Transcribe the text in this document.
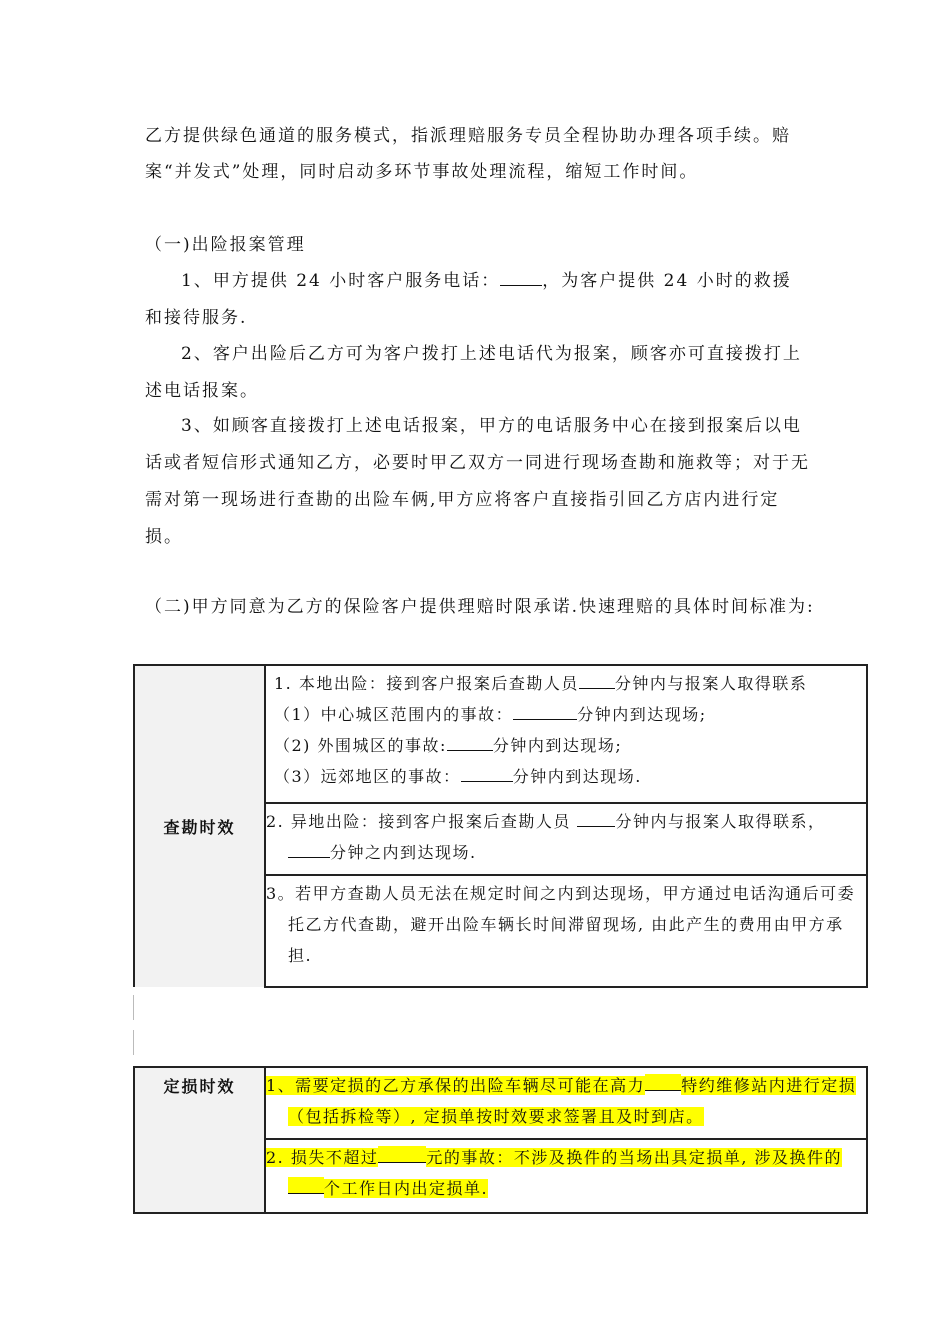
乙方提供绿色通道的服务模式，指派理赔服务专员全程协助办理各项手续。赔
案“并发式”处理，同时启动多环节事故处理流程，缩短工作时间。

（一)出险报案管理

1、甲方提供 24 小时客户服务电话： ，为客户提供 24 小时的救援和接待服务.

2、客户出险后乙方可为客户拨打上述电话代为报案，顾客亦可直接拨打上述电话报案。

3、如顾客直接拨打上述电话报案，甲方的电话服务中心在接到报案后以电话或者短信形式通知乙方，必要时甲乙双方一同进行现场查勘和施救等；对于无需对第一现场进行查勘的出险车俩,甲方应将客户直接指引回乙方店内进行定损。

（二)甲方同意为乙方的保险客户提供理赔时限承诺.快速理赔的具体时间标准为:

查勘时效	
1. 本地出险：接到客户报案后查勘人员 分钟内与报案人取得联系
（1）中心城区范围内的事故：	分钟内到达现场;
（2) 外围城区的事故:	分钟内到达现场;
（3）远郊地区的事故：	分钟内到达现场.

2. 异地出险：接到客户报案后查勘人员 分钟内与报案人取得联系，  分钟之内到达现场.

3。若甲方查勘人员无法在规定时间之内到达现场，甲方通过电话沟通后可委托乙方代查勘，避开出险车辆长时间滞留现场, 由此产生的费用由甲方承担.
定损时效	1、需要定损的乙方承保的出险车辆尽可能在高力 特约维修站内进行定损（包括拆检等）, 定损单按时效要求签署且及时到店。

2. 损失不超过	元的事故：不涉及换件的当场出具定损单, 涉及换件的个工作日内出定损单.
